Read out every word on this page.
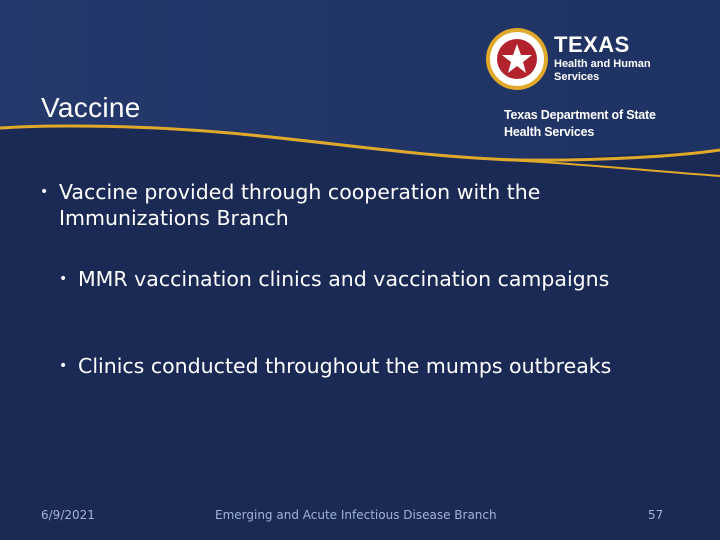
Vaccine
TEXAS
Health and Human
Services
Texas Department of State
Health Services
• Vaccine provided through cooperation with the Immunizations Branch
• MMR vaccination clinics and vaccination campaigns
• Clinics conducted throughout the mumps outbreaks
6/9/2021	Emerging and Acute Infectious Disease Branch	57
